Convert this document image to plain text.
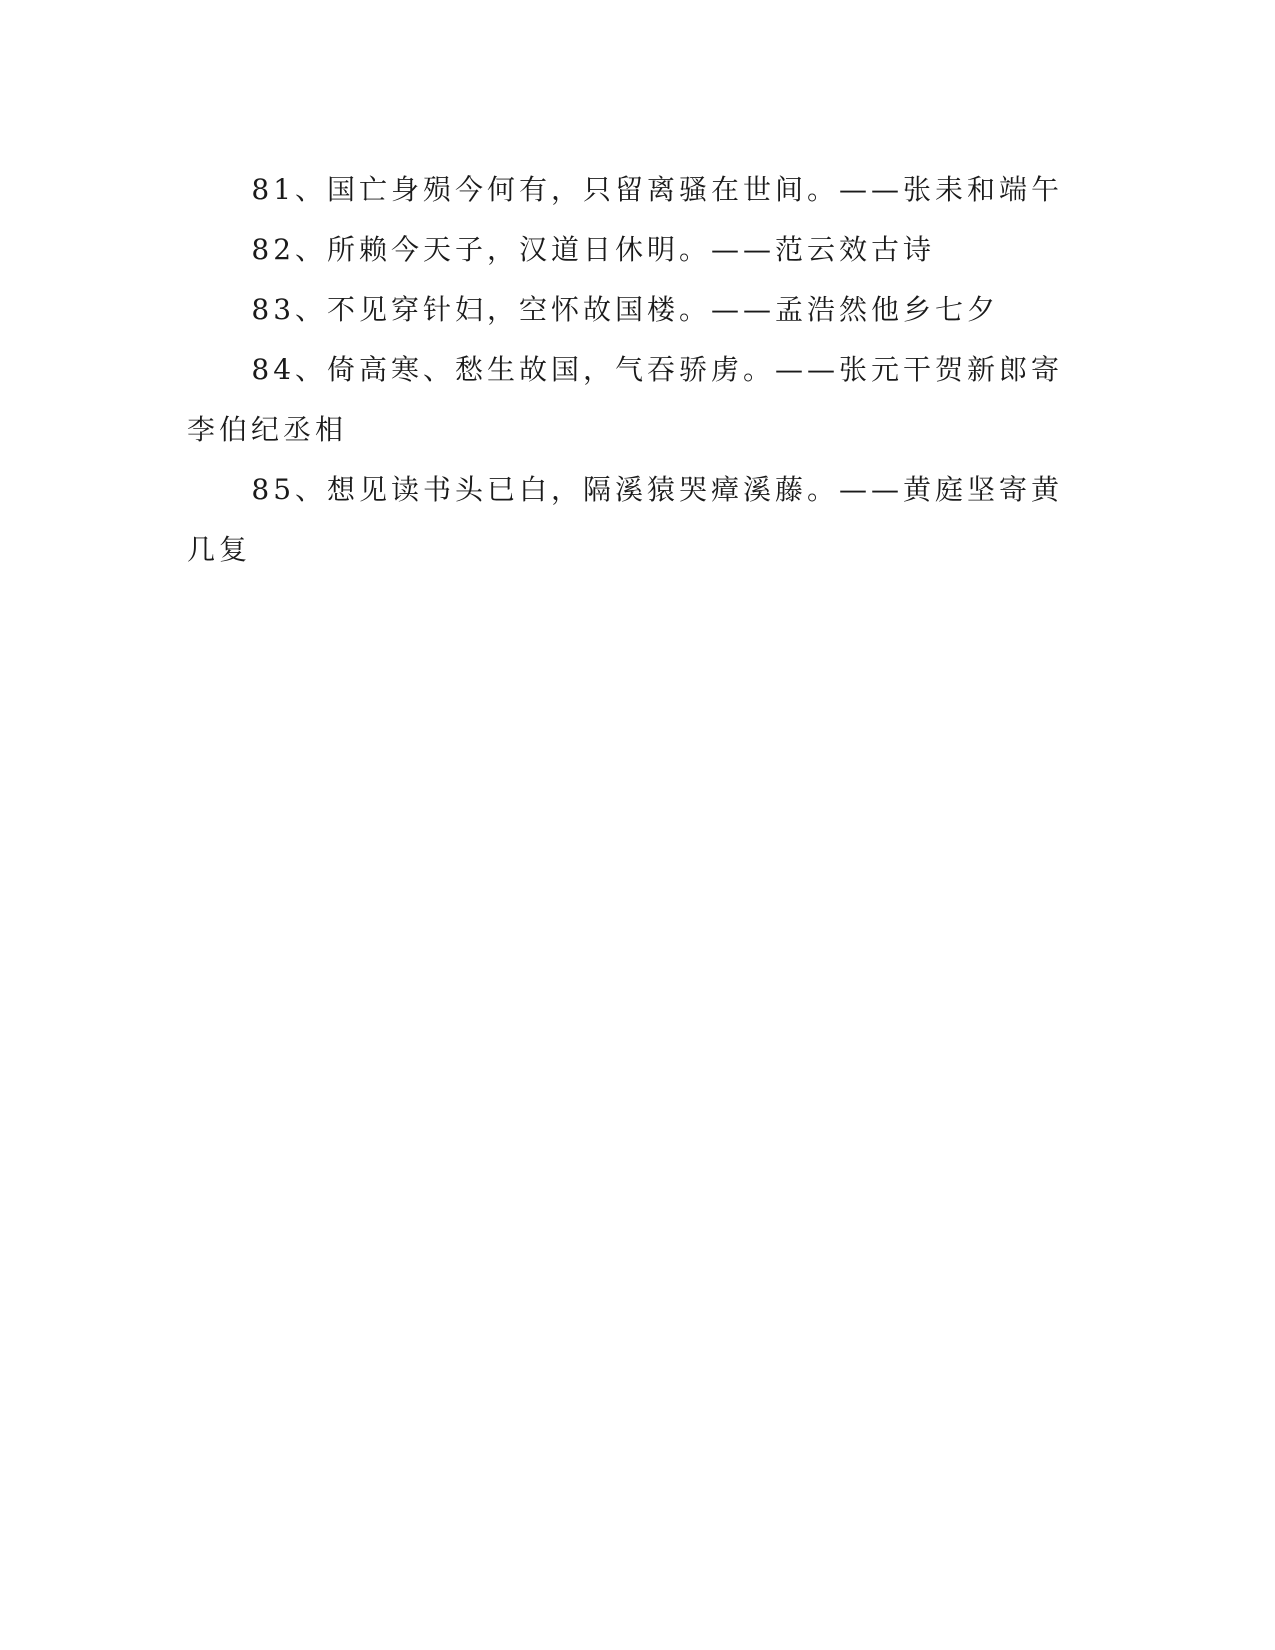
81、国亡身殒今何有，只留离骚在世间。——张耒和端午

82、所赖今天子，汉道日休明。——范云效古诗

83、不见穿针妇，空怀故国楼。——孟浩然他乡七夕

84、倚高寒、愁生故国，气吞骄虏。——张元干贺新郎寄李伯纪丞相

85、想见读书头已白，隔溪猿哭瘴溪藤。——黄庭坚寄黄几复
